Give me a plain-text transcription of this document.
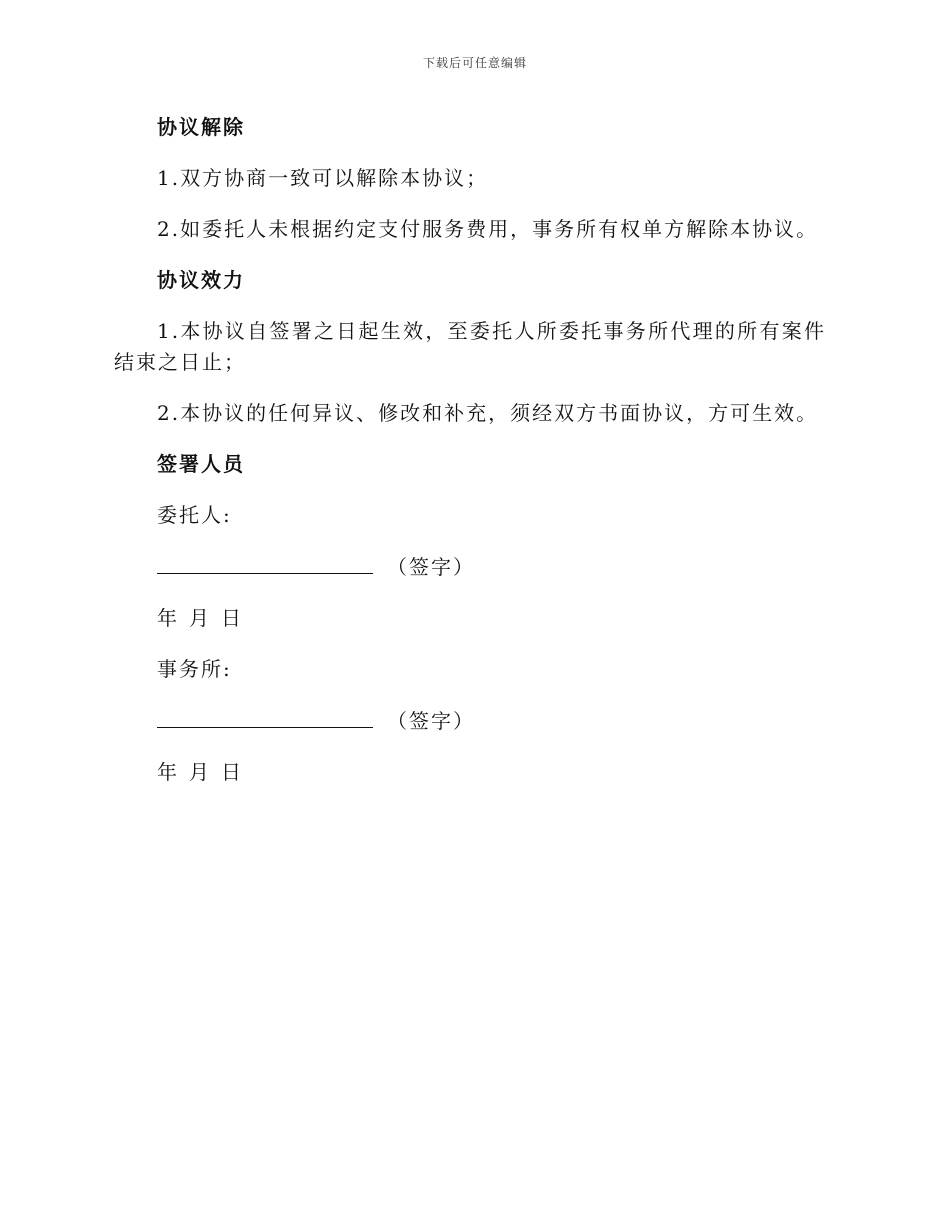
下载后可任意编辑
协议解除
1.双方协商一致可以解除本协议；
2.如委托人未根据约定支付服务费用，事务所有权单方解除本协议。
协议效力
1.本协议自签署之日起生效，至委托人所委托事务所代理的所有案件结束之日止；
2.本协议的任何异议、修改和补充，须经双方书面协议，方可生效。
签署人员
委托人:
（签字）
年 月 日
事务所:
（签字）
年 月 日
